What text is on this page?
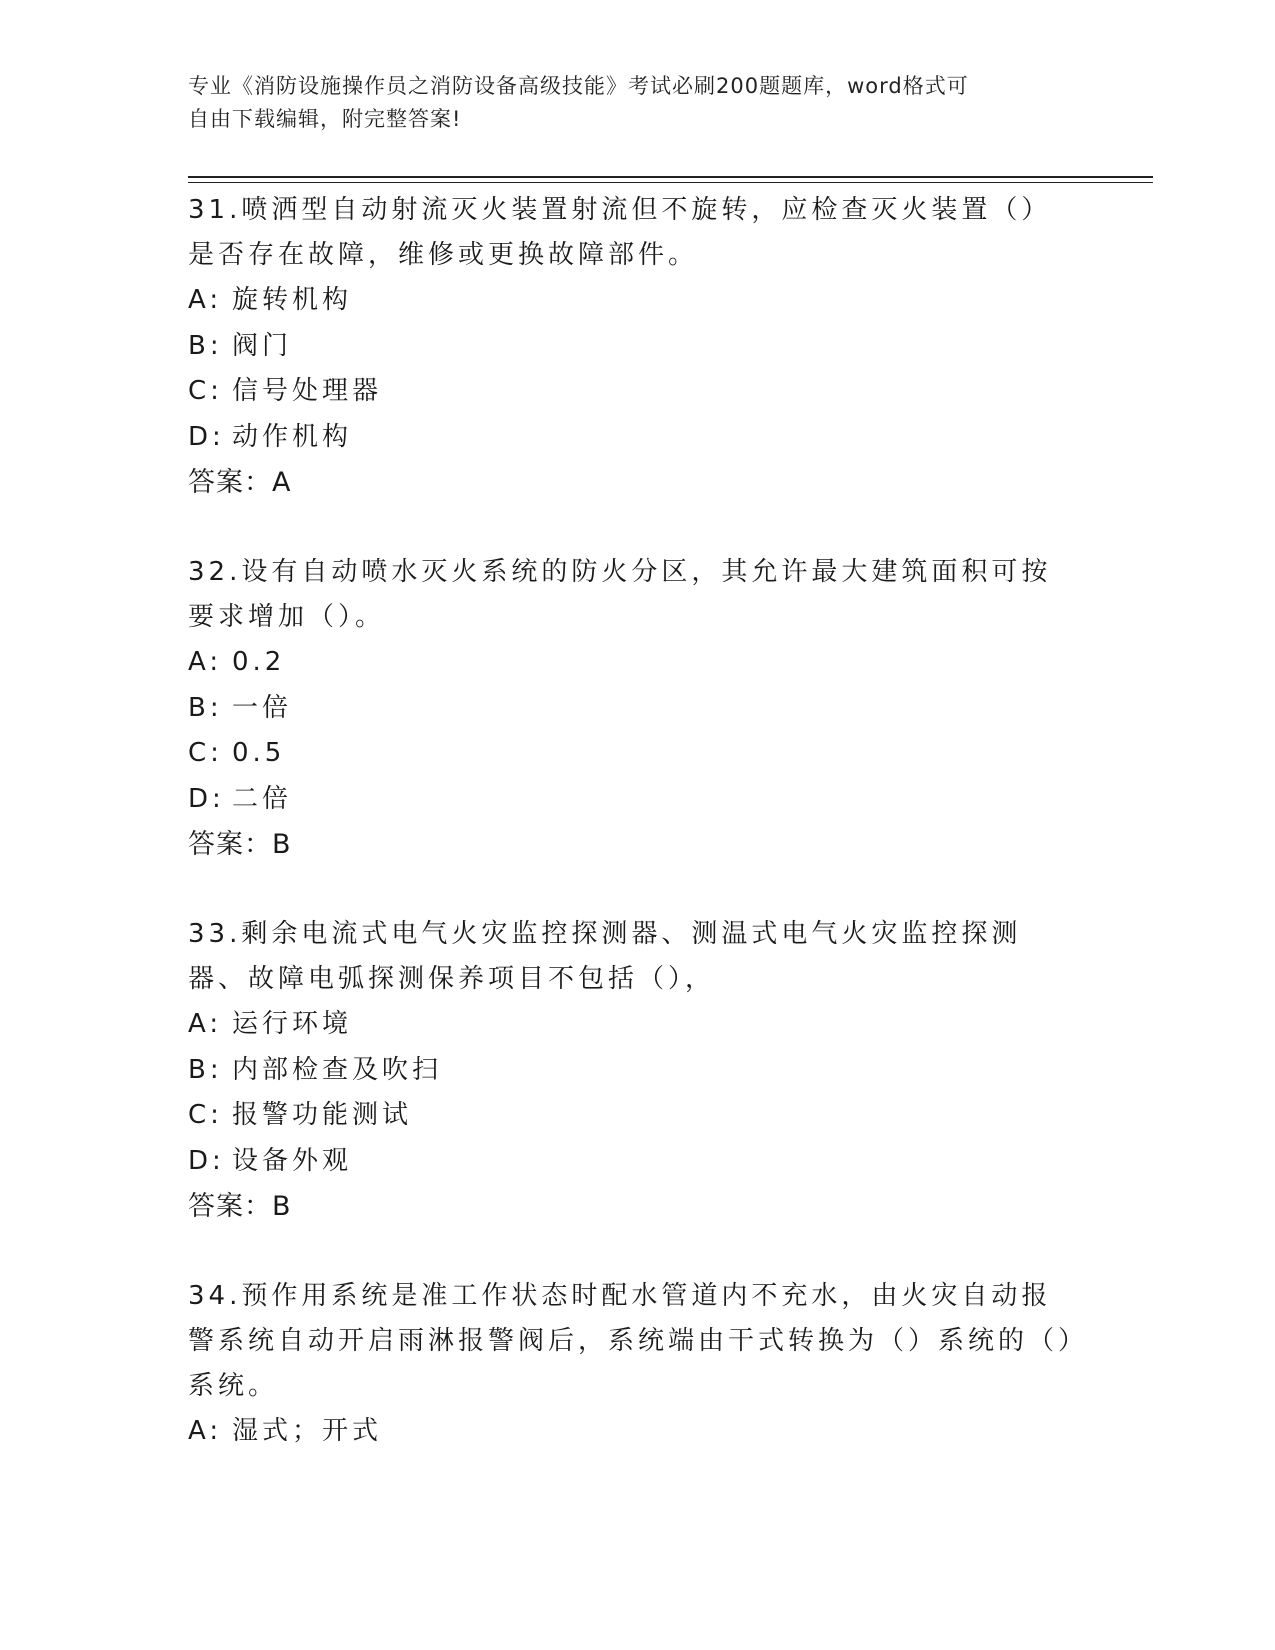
专业《消防设施操作员之消防设备高级技能》考试必刷200题题库，word格式可
自由下载编辑，附完整答案!

31.喷洒型自动射流灭火装置射流但不旋转，应检查灭火装置（）是否存在故障，维修或更换故障部件。

A: 旋转机构
B: 阀门
C: 信号处理器
D: 动作机构

答案：A

32.设有自动喷水灭火系统的防火分区，其允许最大建筑面积可按要求增加（）。

A: 0.2
B: 一倍
C: 0.5
D: 二倍

答案：B

33.剩余电流式电气火灾监控探测器、测温式电气火灾监控探测器、故障电弧探测保养项目不包括（），

A: 运行环境
B: 内部检查及吹扫
C: 报警功能测试
D: 设备外观

答案：B

34.预作用系统是准工作状态时配水管道内不充水，由火灾自动报警系统自动开启雨淋报警阀后，系统端由干式转换为（）系统的（）系统。

A: 湿式；开式
